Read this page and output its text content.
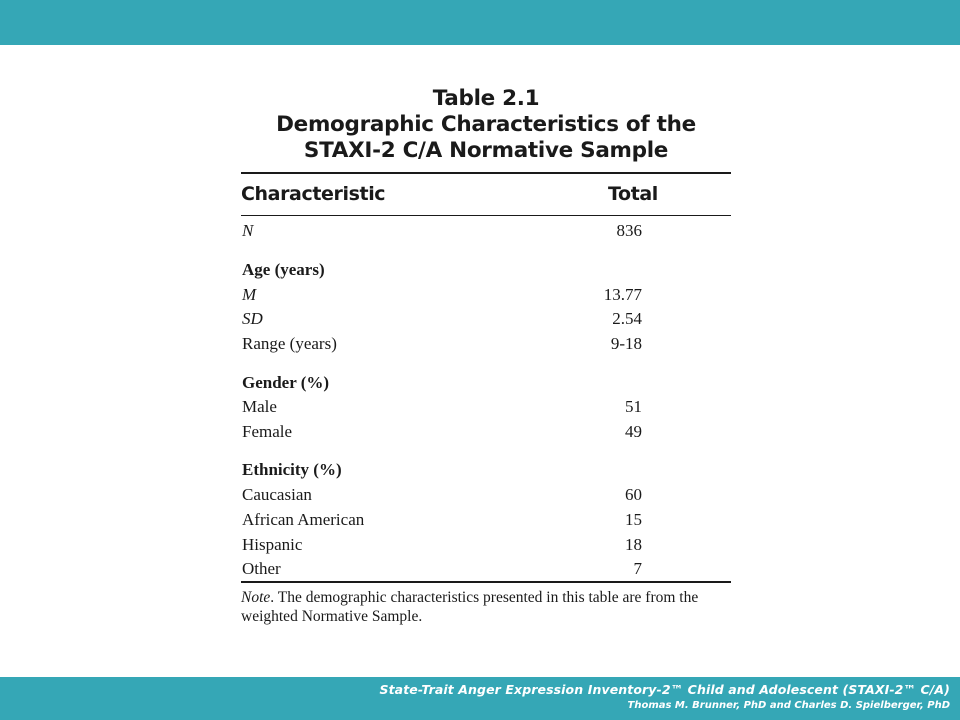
Table 2.1
Demographic Characteristics of the
STAXI-2 C/A Normative Sample
Characteristic	Total
N	836
Age (years)
M	13.77
SD	2.54
Range (years)	9-18
Gender (%)
Male	51
Female	49
Ethnicity (%)
Caucasian	60
African American	15
Hispanic	18
Other	7
Note. The demographic characteristics presented in this table are from the weighted Normative Sample.
State-Trait Anger Expression Inventory-2™ Child and Adolescent (STAXI-2™ C/A)
Thomas M. Brunner, PhD and Charles D. Spielberger, PhD
